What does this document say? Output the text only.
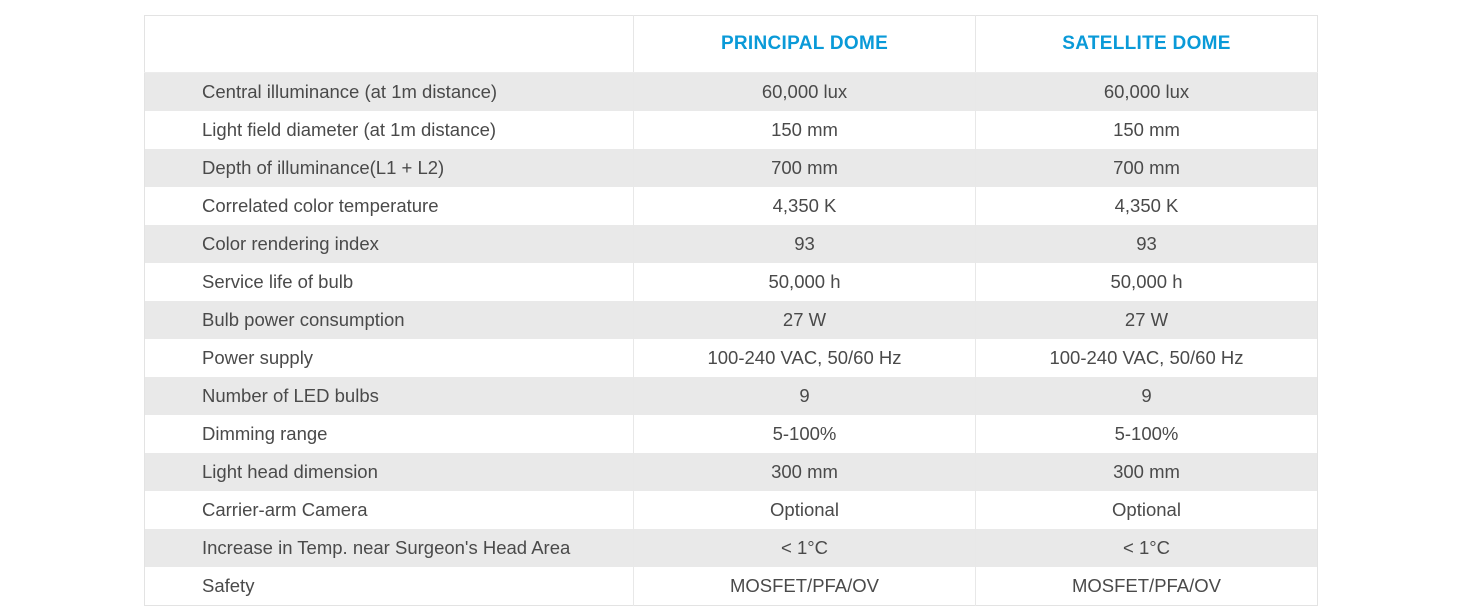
	PRINCIPAL DOME	SATELLITE DOME
Central illuminance (at 1m distance)	60,000 lux	60,000 lux
Light field diameter (at 1m distance)	150 mm	150 mm
Depth of illuminance(L1 + L2)	700 mm	700 mm
Correlated color temperature	4,350 K	4,350 K
Color rendering index	93	93
Service life of bulb	50,000 h	50,000 h
Bulb power consumption	27 W	27 W
Power supply	100-240 VAC, 50/60 Hz	100-240 VAC, 50/60 Hz
Number of LED bulbs	9	9
Dimming range	5-100%	5-100%
Light head dimension	300 mm	300 mm
Carrier-arm Camera	Optional	Optional
Increase in Temp. near Surgeon's Head Area	< 1°C	< 1°C
Safety	MOSFET/PFA/OV	MOSFET/PFA/OV
